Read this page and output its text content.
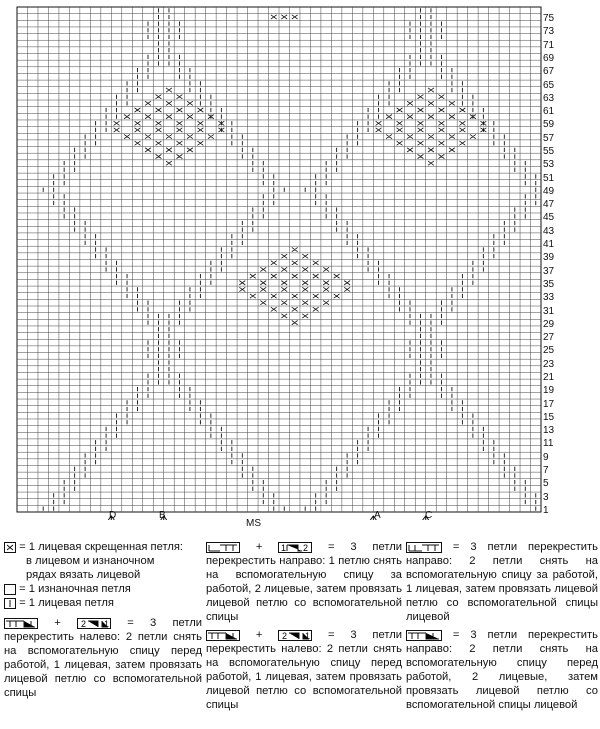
75
73
71
69
67
65
63
61
59
57
55
53
51
49
47
45
43
41
39
37
35
33
31
29
27
25
23
21
19
17
15
13
11
9
7
5
3
1
D	B
MS
A	C

= 1 лицевая скрещенная петля:

в лицевом и изнаночном

рядах вязать лицевой

= 1 изнаночная петля

= 1 лицевая петля

+ 2 1 = 3 петли перекрестить налево: 2 петли снять на вспомогательную спицу перед работой, 1 лицевая, затем провязать лицевой петлю со вспомогательной спицы

+ 1 2 = 3 петли перекрестить направо: 1 петлю снять на вспомогательную спицу за работой, 2 лицевые, затем провязать лицевой петлю со вспомогательной спицы

+ 2 1 = 3 петли перекрестить налево: 2 петли снять на вспомогательную спицу перед работой, 1 лицевая, затем провязать лицевой петлю со вспомогательной спицы

= 3 петли перекрестить направо: 2 петли снять на вспомогательную спицу за работой, 1 лицевая, затем провязать лицевой петлю со вспомогательной спицы лицевой

= 3 петли перекрестить направо: 2 петли снять на вспомогательную спицу перед работой, 2 лицевые, затем провязать лицевой петлю со вспомогательной спицы лицевой
